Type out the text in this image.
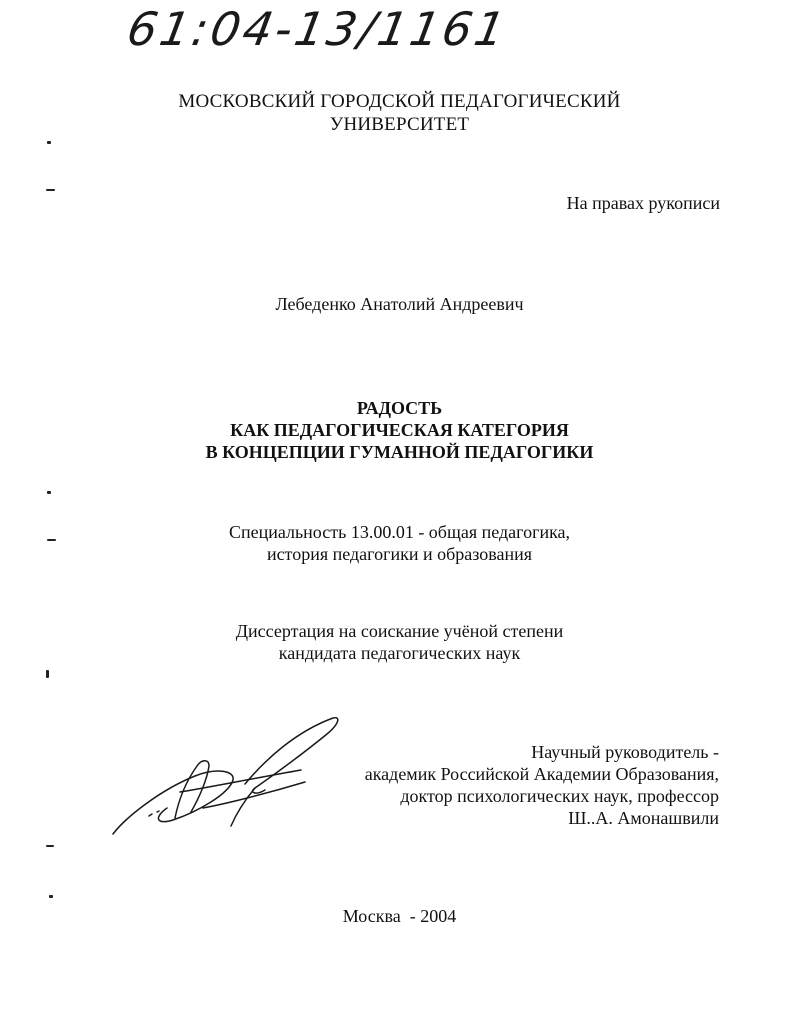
61:04-13/1161
МОСКОВСКИЙ ГОРОДСКОЙ ПЕДАГОГИЧЕСКИЙ
УНИВЕРСИТЕТ
На правах рукописи
Лебеденко Анатолий Андреевич
РАДОСТЬ
КАК ПЕДАГОГИЧЕСКАЯ КАТЕГОРИЯ
В КОНЦЕПЦИИ ГУМАННОЙ ПЕДАГОГИКИ
Специальность 13.00.01 - общая педагогика,
история педагогики и образования
Диссертация на соискание учёной степени
кандидата педагогических наук
Научный руководитель -
академик Российской Академии Образования,
доктор психологических наук, профессор
Ш..А. Амонашвили
Москва  - 2004
